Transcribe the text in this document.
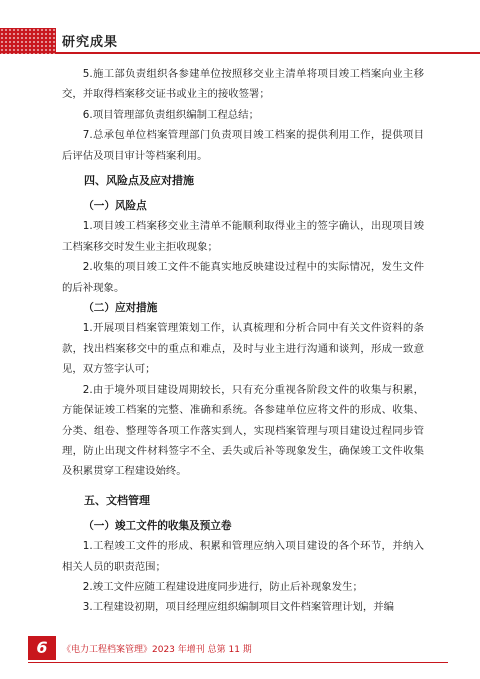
研究成果

5.施工部负责组织各参建单位按照移交业主清单将项目竣工档案向业主移交，并取得档案移交证书或业主的接收签署；

6.项目管理部负责组织编制工程总结；

7.总承包单位档案管理部门负责项目竣工档案的提供利用工作，提供项目后评估及项目审计等档案利用。

四、风险点及应对措施
（一）风险点

1.项目竣工档案移交业主清单不能顺利取得业主的签字确认，出现项目竣工档案移交时发生业主拒收现象；

2.收集的项目竣工文件不能真实地反映建设过程中的实际情况，发生文件的后补现象。

（二）应对措施

1.开展项目档案管理策划工作，认真梳理和分析合同中有关文件资料的条款，找出档案移交中的重点和难点，及时与业主进行沟通和谈判，形成一致意见，双方签字认可；

2.由于境外项目建设周期较长，只有充分重视各阶段文件的收集与积累，方能保证竣工档案的完整、准确和系统。各参建单位应将文件的形成、收集、分类、组卷、整理等各项工作落实到人，实现档案管理与项目建设过程同步管理，防止出现文件材料签字不全、丢失或后补等现象发生，确保竣工文件收集及积累贯穿工程建设始终。

五、文档管理
（一）竣工文件的收集及预立卷

1.工程竣工文件的形成、积累和管理应纳入项目建设的各个环节，并纳入相关人员的职责范围；

2.竣工文件应随工程建设进度同步进行，防止后补现象发生；

3.工程建设初期，项目经理应组织编制项目文件档案管理计划，并编

6	《电力工程档案管理》2023 年增刊 总第 11 期
